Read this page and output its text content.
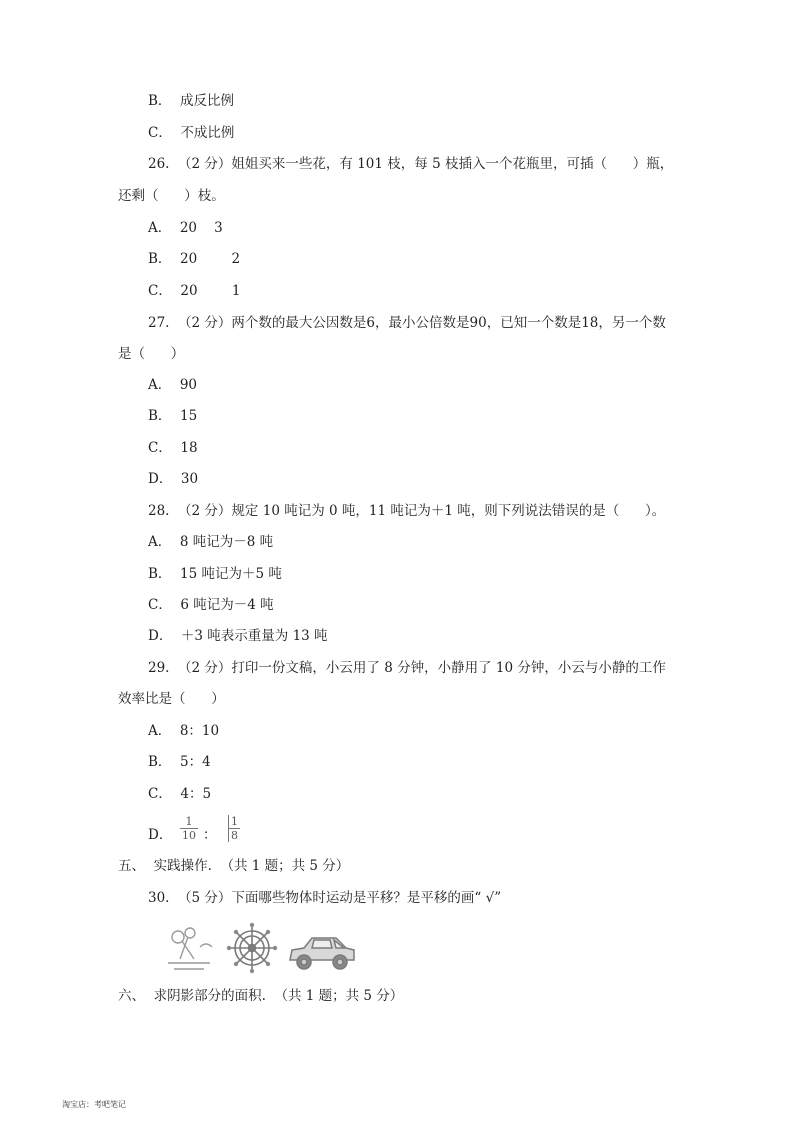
B．  成反比例
C．  不成比例
26.  （2 分）姐姐买来一些花，有 101 枝，每 5 枝插入一个花瓶里，可插（      ）瓶，
还剩（      ）枝。
A．  20    3
B．  20        2
C．  20        1
27.  （2 分）两个数的最大公因数是6，最小公倍数是90，已知一个数是18，另一个数
是（      ）
A．  90
B．  15
C．  18
D．  30
28.  （2 分）规定 10 吨记为 0 吨，11 吨记为＋1 吨，则下列说法错误的是（      ）。
A．  8 吨记为－8 吨
B．  15 吨记为＋5 吨
C．  6 吨记为－4 吨
D．  ＋3 吨表示重量为 13 吨
29.  （2 分）打印一份文稿，小云用了 8 分钟，小静用了 10 分钟，小云与小静的工作
效率比是（      ）
A．  8：10
B．  5：4
C．  4：5
D． $\frac{1}{10}$ ： $\frac{1}{8}$
五、  实践操作.  （共 1 题；共 5 分）
30.  （5 分）下面哪些物体时运动是平移？是平移的画“ √”
六、  求阴影部分的面积.  （共 1 题；共 5 分）
淘宝店：考吧笔记
